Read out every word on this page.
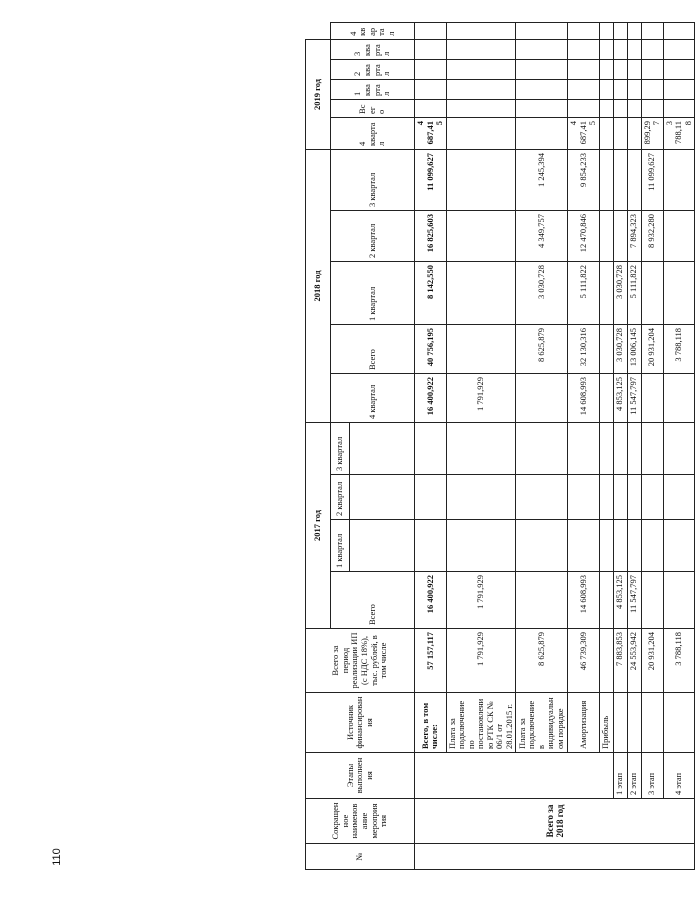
№	Сокращенное наименование мероприятия	Этапы выполнения	Источник финансирования	Всего за период реализации ИП (с НДС 18%), тыс. рублей, в том числе	2017 год				2018 год					2019 год					
					Всего	1 квартал	2 квартал	3 квартал	4 квартал	Всего	1 квартал	2 квартал	3 квартал	4 квартал	Всего	1 квартал	2 квартал	3 квартал	4 квартал

	Всего за 2018 год		Всего, в том числе:	57 157,117	16 400,922				16 400,922	40 756,195	8 142,550	16 825,603	11 099,627	4 687,415					
			Плата за подключение по постановлению РТК СК № 06/1 от 28.01.2015 г.	1 791,929	1 791,929				1 791,929										
			Плата за подключение в индивидуальном порядке	8 625,879						8 625,879	3 030,728	4 349,757	1 245,394						
			Амортизация	46 739,309	14 608,993				14 608,993	32 130,316	5 111,822	12 470,846	9 854,233	4 687,415					
			Прибыль																
		1 этап		7 883,853	4 853,125				4 853,125	3 030,728	3 030,728								
		2 этап		24 553,942	11 547,797				11 547,797	13 006,145	5 111,822	7 894,323							
		3 этап		20 931,204						20 931,204		8 932,280	11 099,627	899,297					
		4 этап		3 788,118						3 788,118				3 788,118					
110
